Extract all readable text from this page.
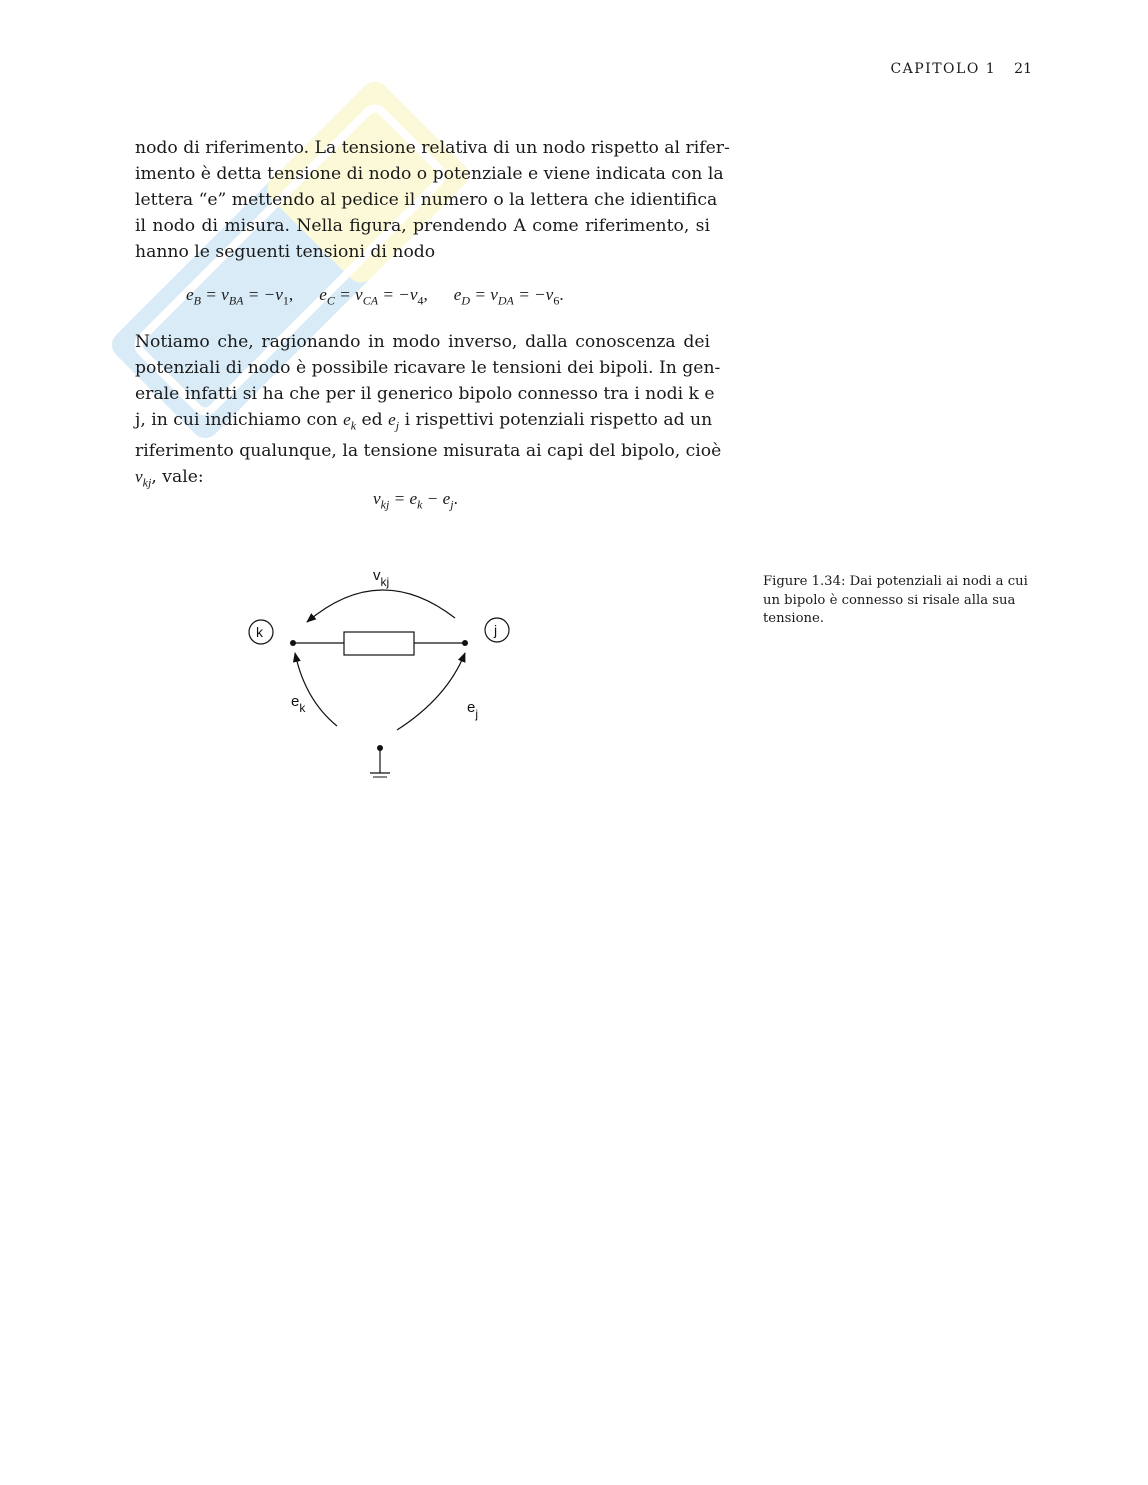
CAPITOLO 1 21
nodo di riferimento. La tensione relativa di un nodo rispetto al rifer-
imento è detta tensione di nodo o potenziale e viene indicata con la
lettera “e” mettendo al pedice il numero o la lettera che idientifica
il nodo di misura. Nella figura, prendendo A come riferimento, si
hanno le seguenti tensioni di nodo
$e_B = v_{BA} = -v_1$, $e_C = v_{CA} = -v_4$, $e_D = v_{DA} = -v_6$.
Notiamo che, ragionando in modo inverso, dalla conoscenza dei
potenziali di nodo è possibile ricavare le tensioni dei bipoli. In gen-
erale infatti si ha che per il generico bipolo connesso tra i nodi k e
j, in cui indichiamo con $e_k$ ed $e_j$ i rispettivi potenziali rispetto ad un
riferimento qualunque, la tensione misurata ai capi del bipolo, cioè
$v_{kj}$, vale:
$v_{kj} = e_k - e_j$.
$v_{kj}$
k	j
$e_k$	$e_j$
Figure 1.34: Dai potenziali ai nodi a cui un bipolo è connesso si risale alla sua tensione.
